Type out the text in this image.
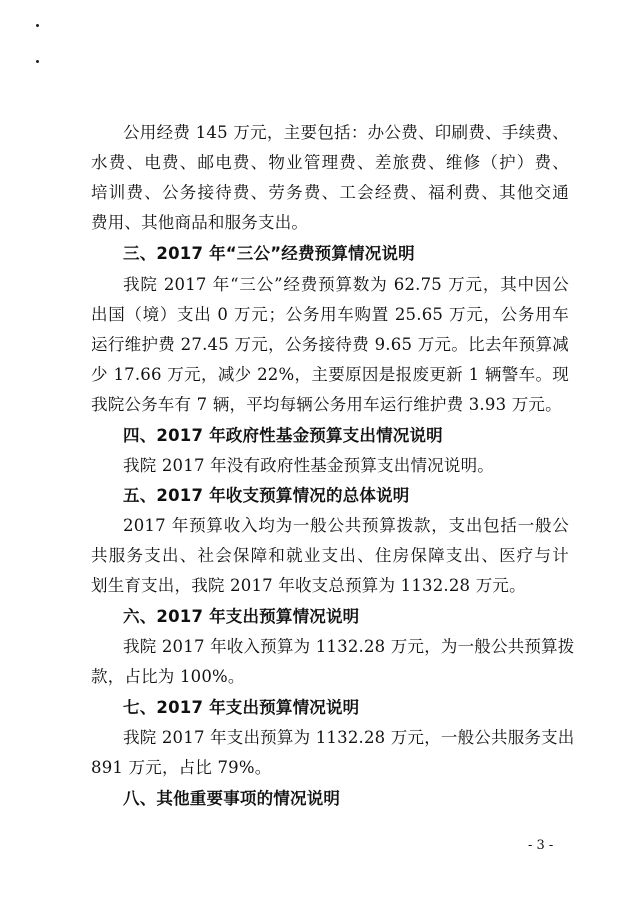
公用经费 145 万元，主要包括：办公费、印刷费、手续费、
水费、电费、邮电费、物业管理费、差旅费、维修（护）费、
培训费、公务接待费、劳务费、工会经费、福利费、其他交通
费用、其他商品和服务支出。
三、2017 年“三公”经费预算情况说明
我院 2017 年“三公”经费预算数为 62.75 万元，其中因公
出国（境）支出 0 万元；公务用车购置 25.65 万元，公务用车
运行维护费 27.45 万元，公务接待费 9.65 万元。比去年预算减
少 17.66 万元，减少 22%，主要原因是报废更新 1 辆警车。现
我院公务车有 7 辆，平均每辆公务用车运行维护费 3.93 万元。
四、2017 年政府性基金预算支出情况说明
我院 2017 年没有政府性基金预算支出情况说明。
五、2017 年收支预算情况的总体说明
2017 年预算收入均为一般公共预算拨款，支出包括一般公
共服务支出、社会保障和就业支出、住房保障支出、医疗与计
划生育支出，我院 2017 年收支总预算为 1132.28 万元。
六、2017 年支出预算情况说明
我院 2017 年收入预算为 1132.28 万元，为一般公共预算拨
款，占比为 100%。
七、2017 年支出预算情况说明
我院 2017 年支出预算为 1132.28 万元，一般公共服务支出
891 万元，占比 79%。
八、其他重要事项的情况说明
- 3 -
